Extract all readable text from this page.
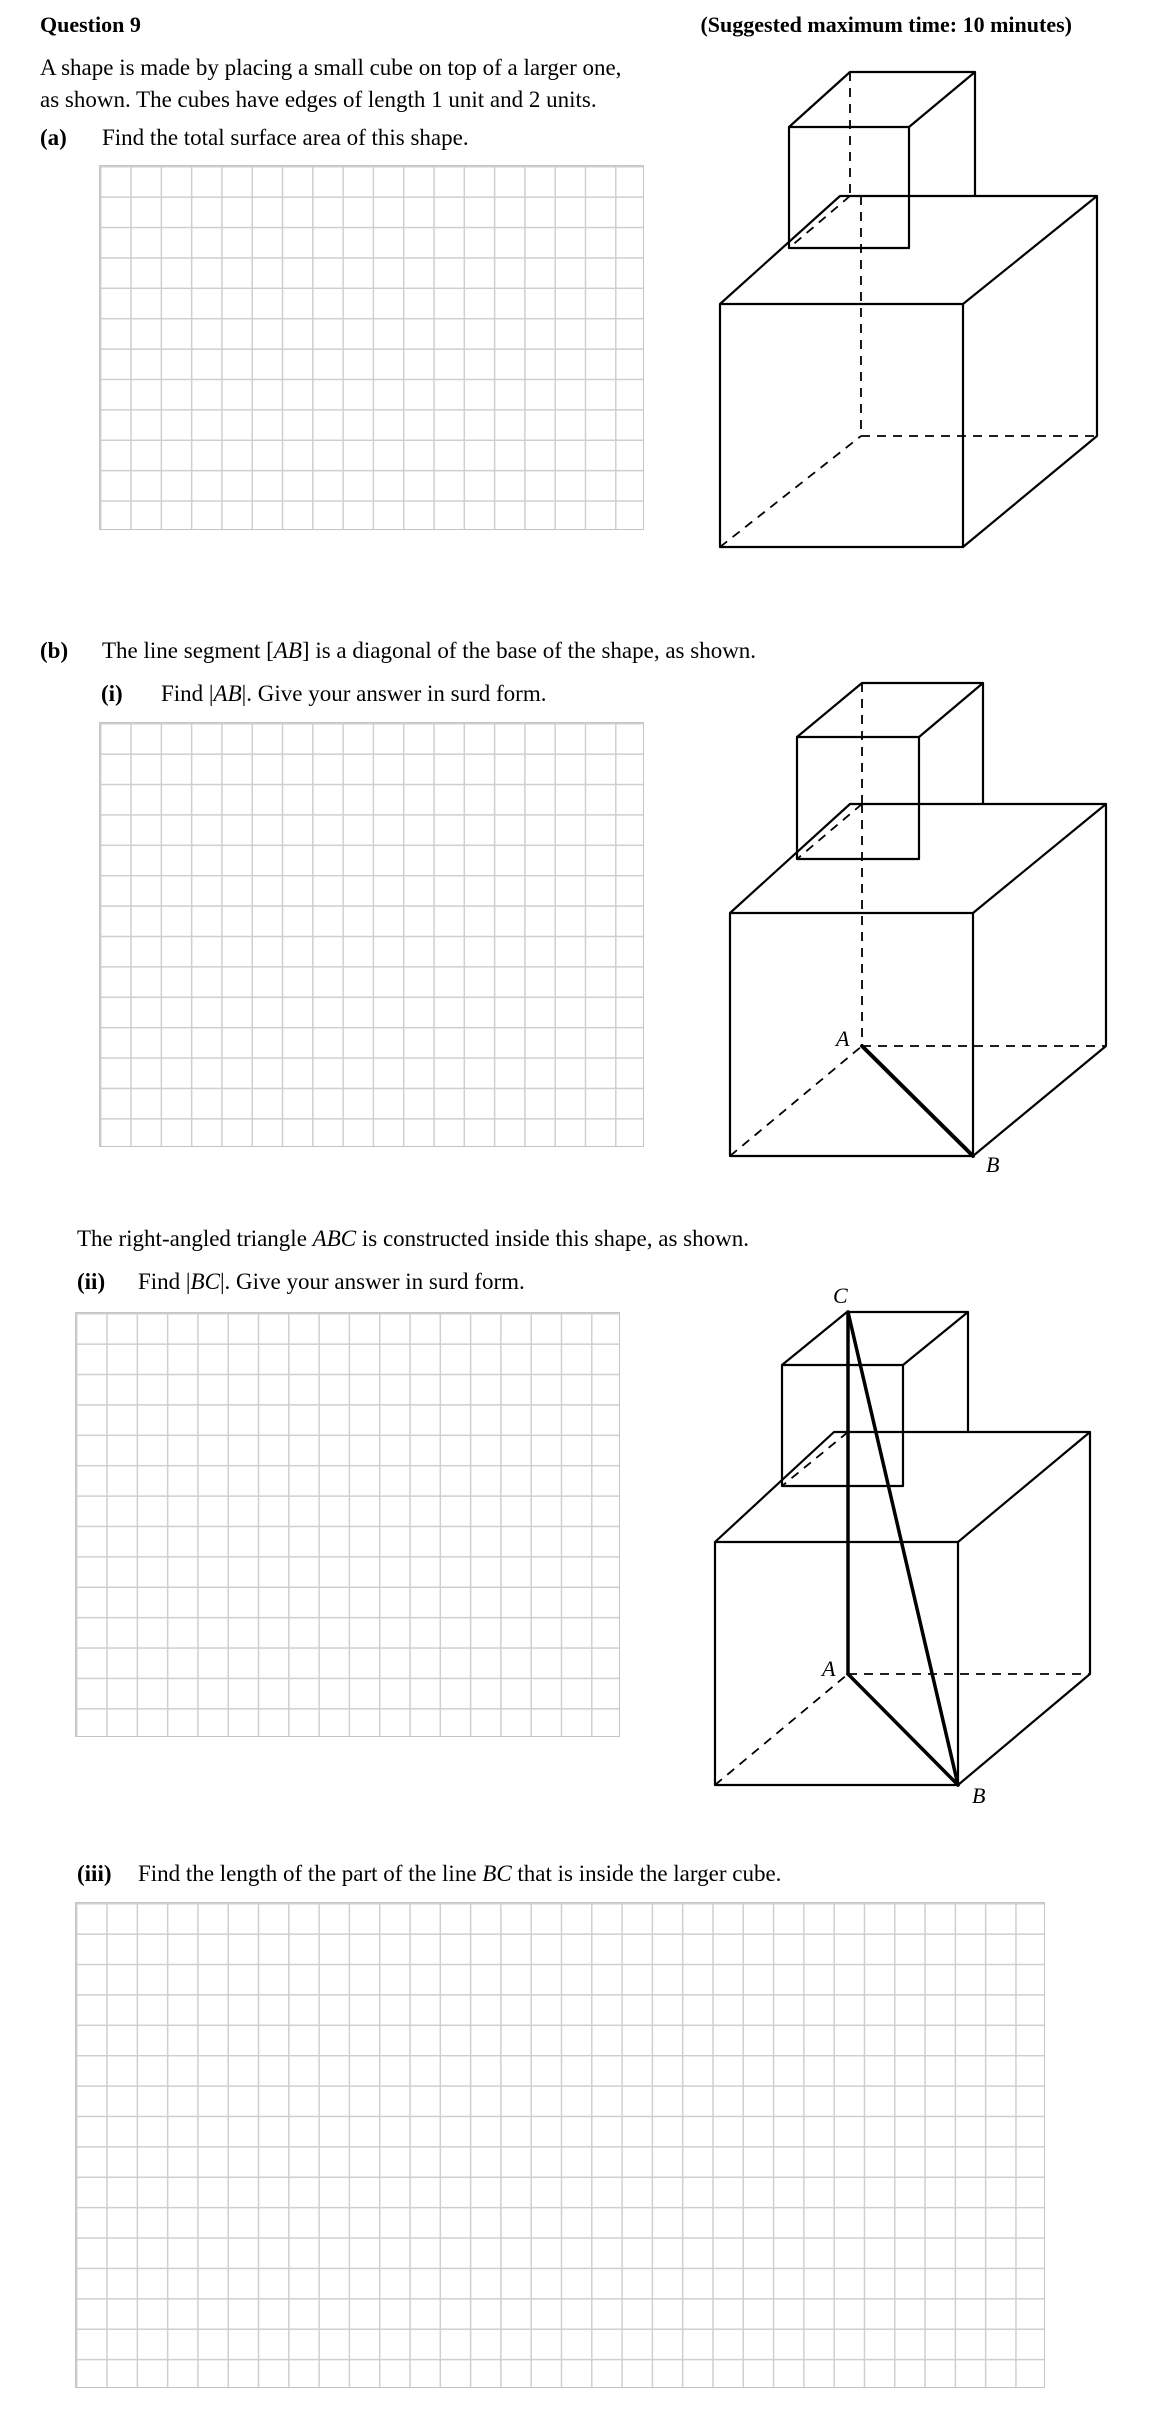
Question 9	(Suggested maximum time: 10 minutes)
A shape is made by placing a small cube on top of a larger one,
as shown. The cubes have edges of length 1 unit and 2 units.
(a) Find the total surface area of this shape.
(b) The line segment [AB] is a diagonal of the base of the shape, as shown.
(i) Find |AB|. Give your answer in surd form.
A
B
The right-angled triangle ABC is constructed inside this shape, as shown.
(ii) Find |BC|. Give your answer in surd form.
C
A
B
(iii) Find the length of the part of the line BC that is inside the larger cube.
